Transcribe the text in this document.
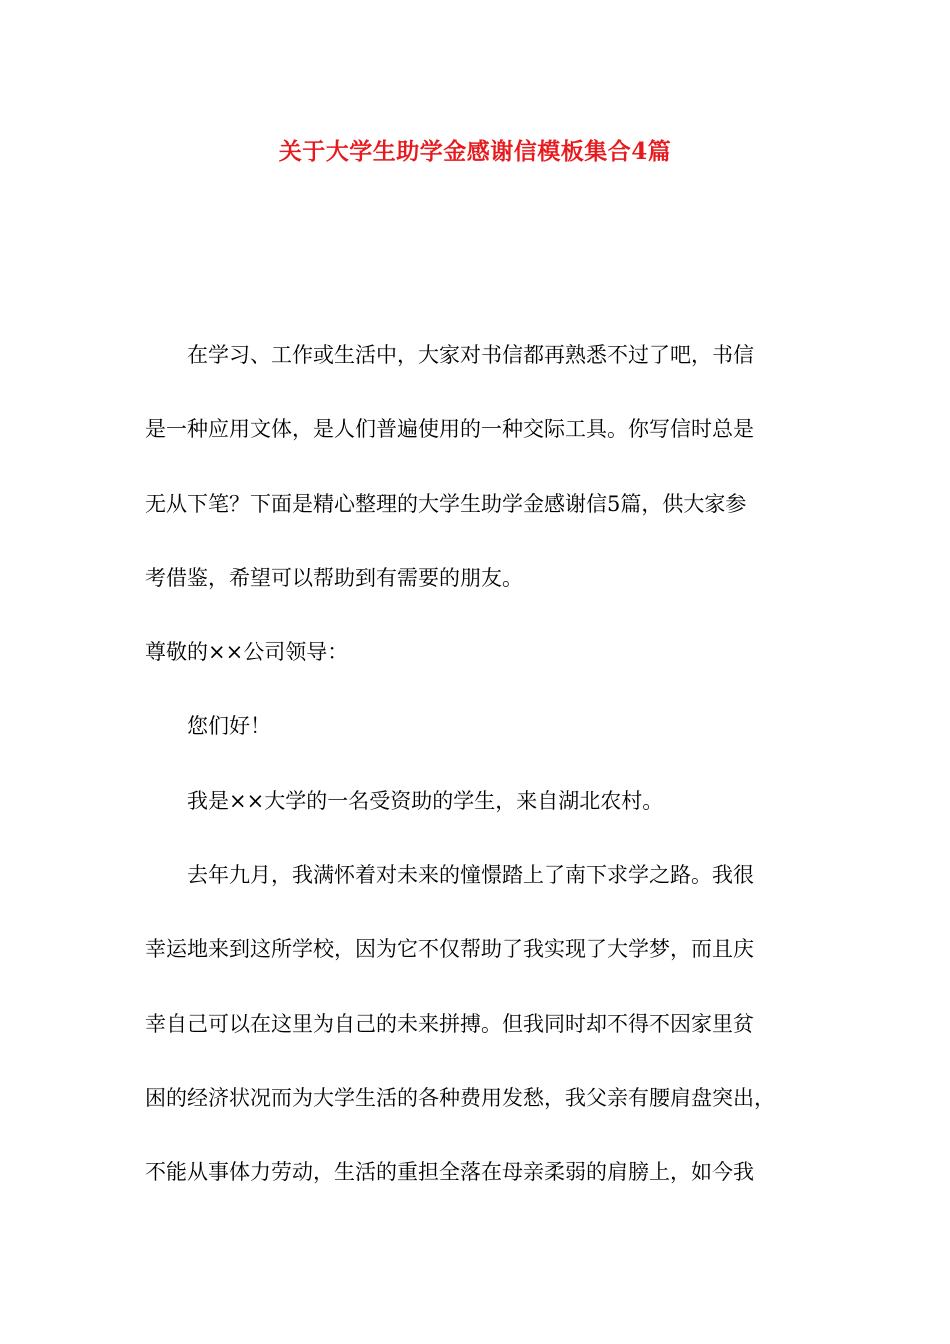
关于大学生助学金感谢信模板集合4篇

在学习、工作或生活中，大家对书信都再熟悉不过了吧，书信
是一种应用文体，是人们普遍使用的一种交际工具。你写信时总是
无从下笔？下面是精心整理的大学生助学金感谢信5篇，供大家参
考借鉴，希望可以帮助到有需要的朋友。

尊敬的××公司领导：

您们好！

我是××大学的一名受资助的学生，来自湖北农村。

去年九月，我满怀着对未来的憧憬踏上了南下求学之路。我很
幸运地来到这所学校，因为它不仅帮助了我实现了大学梦，而且庆
幸自己可以在这里为自己的未来拼搏。但我同时却不得不因家里贫
困的经济状况而为大学生活的各种费用发愁，我父亲有腰肩盘突出，
不能从事体力劳动，生活的重担全落在母亲柔弱的肩膀上，如今我
